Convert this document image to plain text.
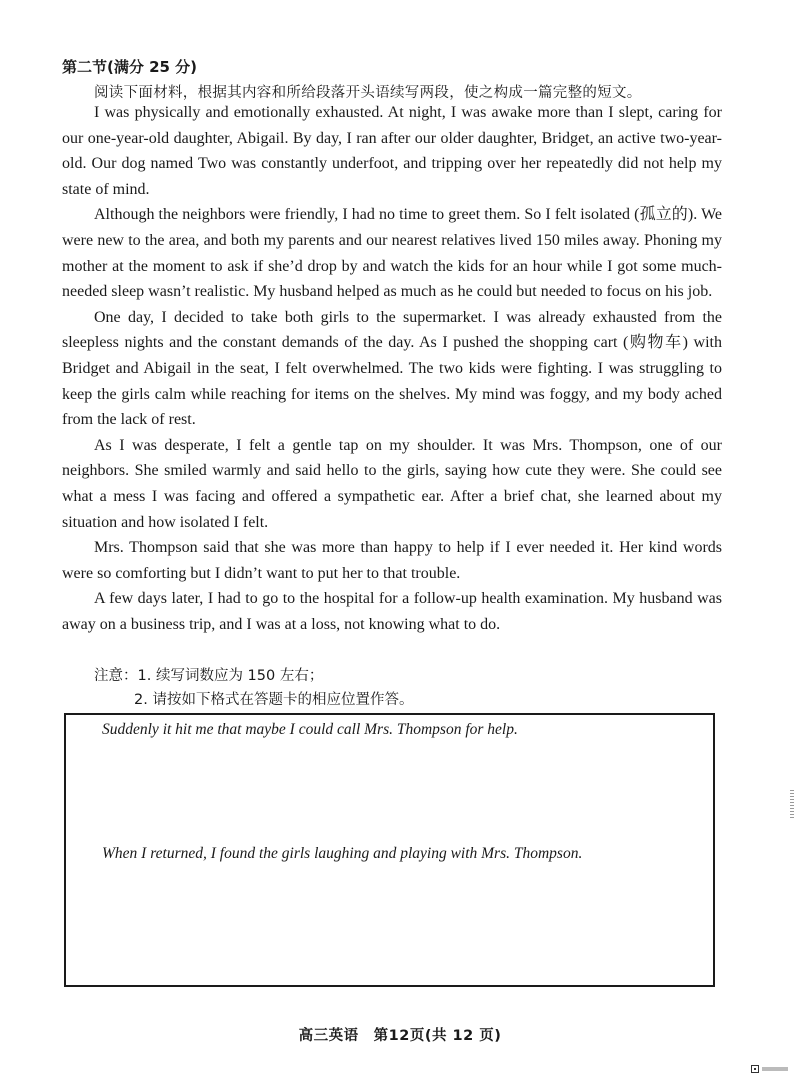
第二节(满分 25 分)
阅读下面材料，根据其内容和所给段落开头语续写两段，使之构成一篇完整的短文。

I was physically and emotionally exhausted. At night, I was awake more than I slept, caring for our one-year-old daughter, Abigail. By day, I ran after our older daughter, Bridget, an active two-year-old. Our dog named Two was constantly underfoot, and tripping over her repeatedly did not help my state of mind.

Although the neighbors were friendly, I had no time to greet them. So I felt isolated (孤立的). We were new to the area, and both my parents and our nearest relatives lived 150 miles away. Phoning my mother at the moment to ask if she’d drop by and watch the kids for an hour while I got some much-needed sleep wasn’t realistic. My husband helped as much as he could but needed to focus on his job.

One day, I decided to take both girls to the supermarket. I was already exhausted from the sleepless nights and the constant demands of the day. As I pushed the shopping cart (购物车) with Bridget and Abigail in the seat, I felt overwhelmed. The two kids were fighting. I was struggling to keep the girls calm while reaching for items on the shelves. My mind was foggy, and my body ached from the lack of rest.

As I was desperate, I felt a gentle tap on my shoulder. It was Mrs. Thompson, one of our neighbors. She smiled warmly and said hello to the girls, saying how cute they were. She could see what a mess I was facing and offered a sympathetic ear. After a brief chat, she learned about my situation and how isolated I felt.

Mrs. Thompson said that she was more than happy to help if I ever needed it. Her kind words were so comforting but I didn’t want to put her to that trouble.

A few days later, I had to go to the hospital for a follow-up health examination. My husband was away on a business trip, and I was at a loss, not knowing what to do.

注意：1. 续写词数应为 150 左右；
2. 请按如下格式在答题卡的相应位置作答。
Suddenly it hit me that maybe I could call Mrs. Thompson for help.
When I returned, I found the girls laughing and playing with Mrs. Thompson.
高三英语　第12页(共 12 页)
